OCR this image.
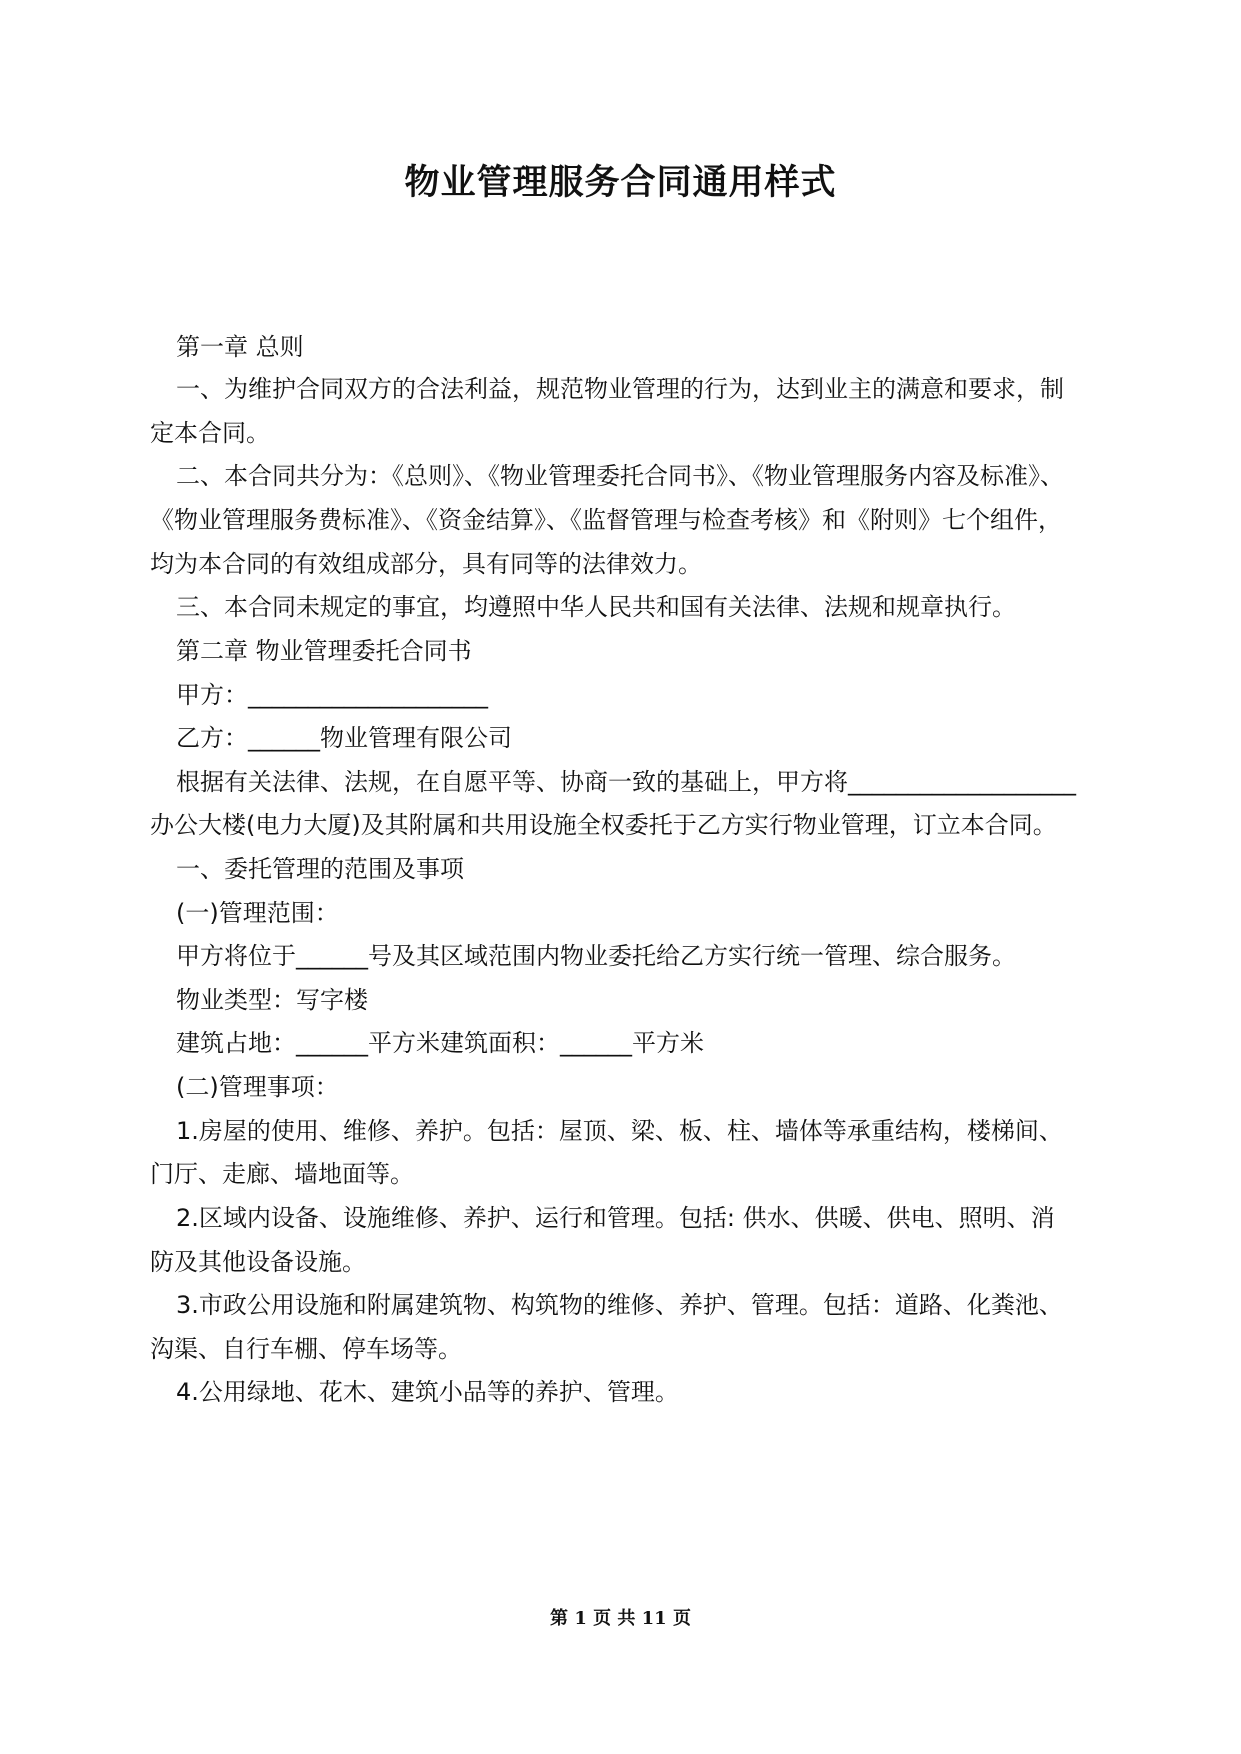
物业管理服务合同通用样式

第一章 总则

一、为维护合同双方的合法利益，规范物业管理的行为，达到业主的满意和要求，制

定本合同。

二、本合同共分为：《总则》、《物业管理委托合同书》、《物业管理服务内容及标准》、

《物业管理服务费标准》、《资金结算》、《监督管理与检查考核》和《附则》七个组件，

均为本合同的有效组成部分，具有同等的法律效力。

三、本合同未规定的事宜，均遵照中华人民共和国有关法律、法规和规章执行。

第二章 物业管理委托合同书

甲方：____________________

乙方：______物业管理有限公司

根据有关法律、法规，在自愿平等、协商一致的基础上，甲方将___________________

办公大楼(电力大厦)及其附属和共用设施全权委托于乙方实行物业管理，订立本合同。

一、委托管理的范围及事项

(一)管理范围：

甲方将位于______号及其区域范围内物业委托给乙方实行统一管理、综合服务。

物业类型：写字楼

建筑占地：______平方米建筑面积：______平方米

(二)管理事项：

1.房屋的使用、维修、养护。包括：屋顶、梁、板、柱、墙体等承重结构，楼梯间、

门厅、走廊、墙地面等。

2.区域内设备、设施维修、养护、运行和管理。包括: 供水、供暖、供电、照明、消

防及其他设备设施。

3.市政公用设施和附属建筑物、构筑物的维修、养护、管理。包括：道路、化粪池、

沟渠、自行车棚、停车场等。

4.公用绿地、花木、建筑小品等的养护、管理。

第 1 页 共 11 页
